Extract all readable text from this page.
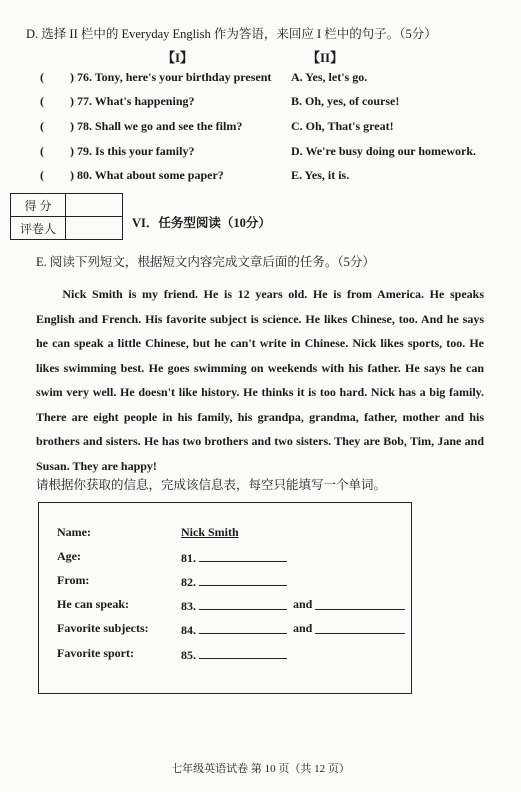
D. 选择 II 栏中的 Everyday English 作为答语，来回应 I 栏中的句子。（5分）
【I】	【II】
( ) 76. Tony, here's your birthday present A. Yes, let's go.
( ) 77. What's happening?	B. Oh, yes, of course!
( ) 78. Shall we go and see the film?	C. Oh, That's great!
( ) 79. Is this your family?	D. We're busy doing our homework.
( ) 80. What about some paper?	E. Yes, it is.
得 分	
评卷人		VI．任务型阅读（10分）
E. 阅读下列短文，根据短文内容完成文章后面的任务。（5分）
Nick Smith is my friend. He is 12 years old. He is from America. He speaks English and French. His favorite subject is science. He likes Chinese, too. And he says he can speak a little Chinese, but he can't write in Chinese. Nick likes sports, too. He likes swimming best. He goes swimming on weekends with his father. He says he can swim very well. He doesn't like history. He thinks it is too hard. Nick has a big family. There are eight people in his family, his grandpa, grandma, father, mother and his brothers and sisters. He has two brothers and two sisters. They are Bob, Tim, Jane and Susan. They are happy!
请根据你获取的信息，完成该信息表，每空只能填写一个单词。
Name:	Nick Smith
Age:	81.
From:	82.
He can speak:	83.	and
Favorite subjects:	84.	and
Favorite sport:	85.
七年级英语试卷 第 10 页（共 12 页）
